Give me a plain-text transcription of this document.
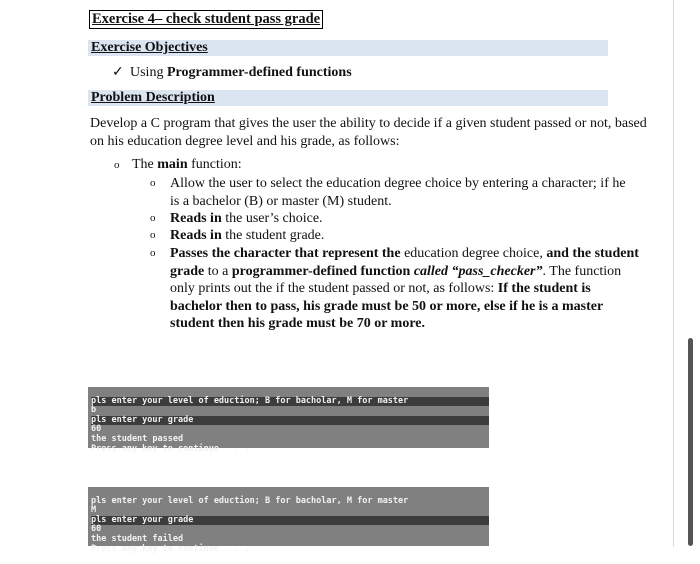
Exercise 4– check student pass grade
Exercise Objectives
✓ Using Programmer-defined functions
Problem Description
Develop a C program that gives the user the ability to decide if a given student passed or not, based
on his education degree level and his grade, as follows:
o The main function:
o	Allow the user to select the education degree choice by entering a character; if he
is a bachelor (B) or master (M) student.
o	Reads in the user’s choice.
o	Reads in the student grade.
o	Passes the character that represent the education degree choice, and the student
grade to a programmer-defined function called “pass_checker”. The function
only prints out the if the student passed or not, as follows: If the student is
bachelor then to pass, his grade must be 50 or more, else if he is a master
student then his grade must be 70 or more.

pls enter your level of eduction; B for bacholar, M for master
b
pls enter your grade
60
the student passed
Press any key to continue . . .

pls enter your level of eduction; B for bacholar, M for master
M
pls enter your grade
60
the student failed
Press any key to continue . . .
